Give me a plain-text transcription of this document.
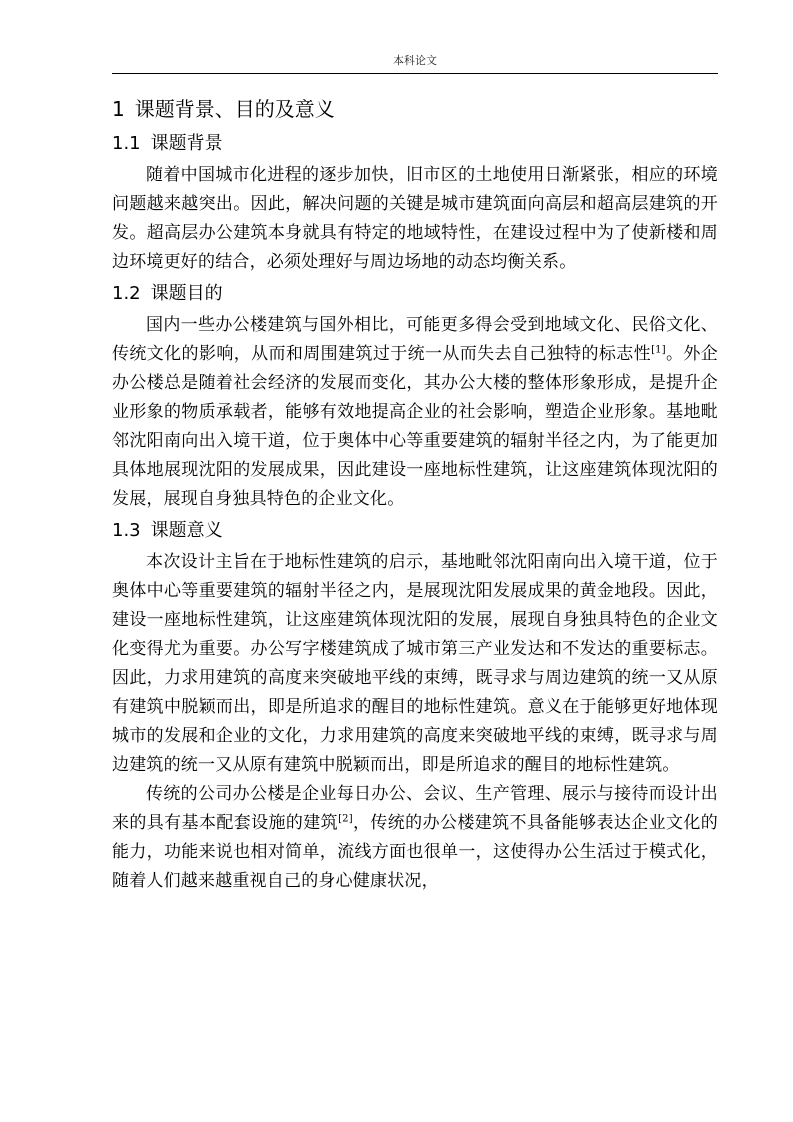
本科论文
1 课题背景、目的及意义
1.1 课题背景

随着中国城市化进程的逐步加快，旧市区的土地使用日渐紧张，相应的环境问题越来越突出。因此，解决问题的关键是城市建筑面向高层和超高层建筑的开发。超高层办公建筑本身就具有特定的地域特性，在建设过程中为了使新楼和周边环境更好的结合，必须处理好与周边场地的动态均衡关系。

1.2 课题目的

国内一些办公楼建筑与国外相比，可能更多得会受到地域文化、民俗文化、传统文化的影响，从而和周围建筑过于统一从而失去自己独特的标志性[1]。外企办公楼总是随着社会经济的发展而变化，其办公大楼的整体形象形成，是提升企业形象的物质承载者，能够有效地提高企业的社会影响，塑造企业形象。基地毗邻沈阳南向出入境干道，位于奥体中心等重要建筑的辐射半径之内，为了能更加具体地展现沈阳的发展成果，因此建设一座地标性建筑，让这座建筑体现沈阳的发展，展现自身独具特色的企业文化。

1.3 课题意义

本次设计主旨在于地标性建筑的启示，基地毗邻沈阳南向出入境干道，位于奥体中心等重要建筑的辐射半径之内，是展现沈阳发展成果的黄金地段。因此，建设一座地标性建筑，让这座建筑体现沈阳的发展，展现自身独具特色的企业文化变得尤为重要。办公写字楼建筑成了城市第三产业发达和不发达的重要标志。因此，力求用建筑的高度来突破地平线的束缚，既寻求与周边建筑的统一又从原有建筑中脱颖而出，即是所追求的醒目的地标性建筑。意义在于能够更好地体现城市的发展和企业的文化，力求用建筑的高度来突破地平线的束缚，既寻求与周边建筑的统一又从原有建筑中脱颖而出，即是所追求的醒目的地标性建筑。

传统的公司办公楼是企业每日办公、会议、生产管理、展示与接待而设计出来的具有基本配套设施的建筑[2]，传统的办公楼建筑不具备能够表达企业文化的能力，功能来说也相对简单，流线方面也很单一，这使得办公生活过于模式化，随着人们越来越重视自己的身心健康状况，
